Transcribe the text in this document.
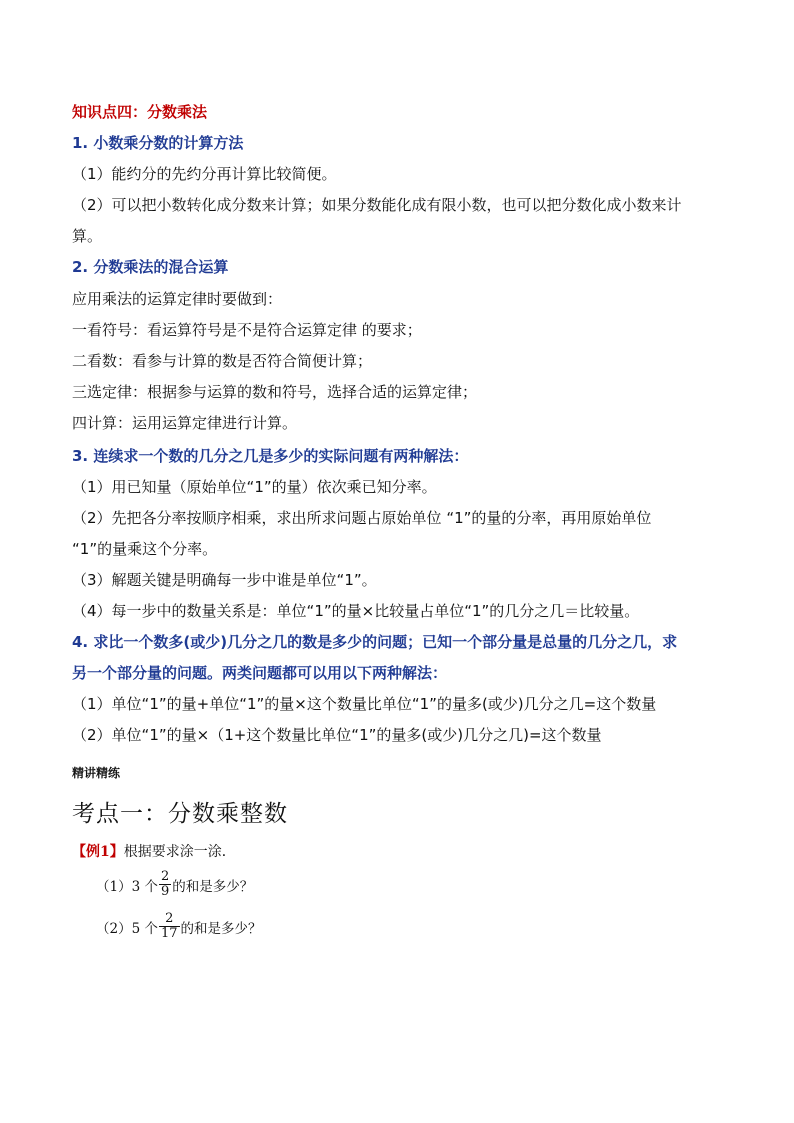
知识点四：分数乘法
1. 小数乘分数的计算方法
（1）能约分的先约分再计算比较简便。
（2）可以把小数转化成分数来计算；如果分数能化成有限小数，也可以把分数化成小数来计
算。
2. 分数乘法的混合运算
应用乘法的运算定律时要做到：
一看符号：看运算符号是不是符合运算定律 的要求；
二看数：看参与计算的数是否符合简便计算；
三选定律：根据参与运算的数和符号，选择合适的运算定律；
四计算：运用运算定律进行计算。
3. 连续求一个数的几分之几是多少的实际问题有两种解法：
（1）用已知量（原始单位“1”的量）依次乘已知分率。
（2）先把各分率按顺序相乘，求出所求问题占原始单位 “1”的量的分率，再用原始单位
“1”的量乘这个分率。
（3）解题关键是明确每一步中谁是单位“1”。
（4）每一步中的数量关系是：单位“1”的量×比较量占单位“1”的几分之几＝比较量。
4. 求比一个数多(或少)几分之几的数是多少的问题；已知一个部分量是总量的几分之几，求
另一个部分量的问题。两类问题都可以用以下两种解法：
（1）单位“1”的量+单位“1”的量×这个数量比单位“1”的量多(或少)几分之几=这个数量
（2）单位“1”的量×（1+这个数量比单位“1”的量多(或少)几分之几)=这个数量
精讲精练
考点一：分数乘整数
【例1】根据要求涂一涂．
（1）3 个 $\frac{2}{9}$ 的和是多少？
（2）5 个 $\frac{2}{17}$ 的和是多少？
